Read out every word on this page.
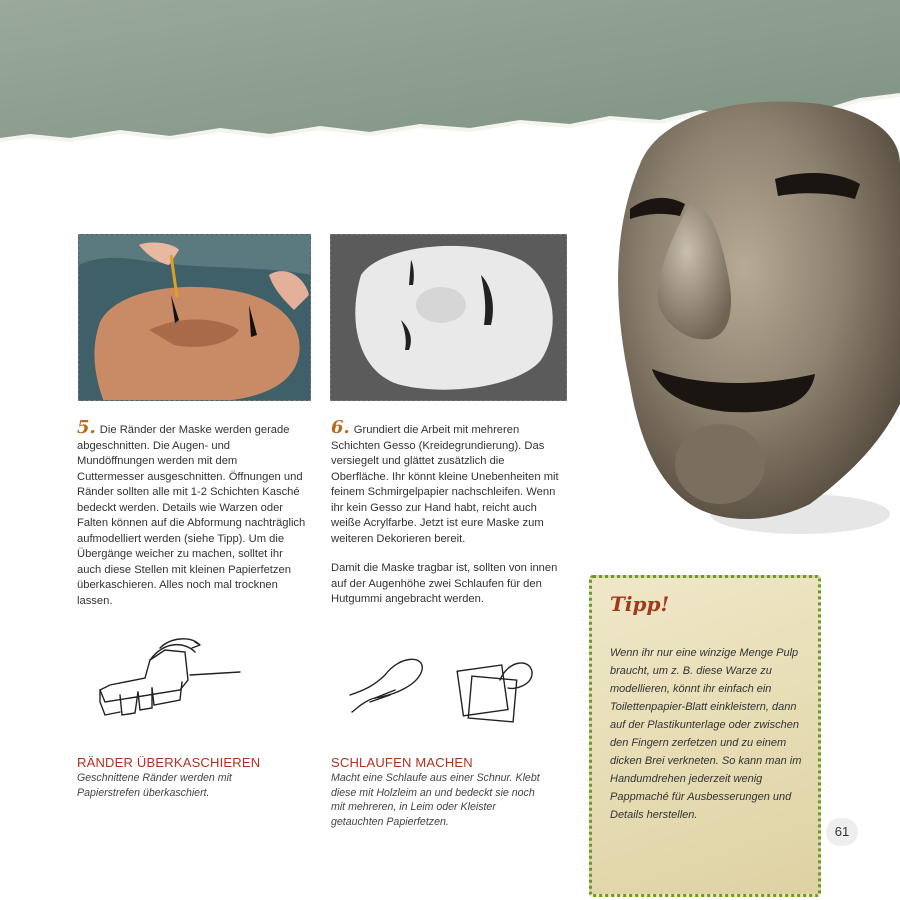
5. Die Ränder der Maske werden gerade abgeschnitten. Die Augen- und Mundöffnungen werden mit dem Cuttermesser ausgeschnitten. Öffnungen und Ränder sollten alle mit 1-2 Schichten Kasché bedeckt werden. Details wie Warzen oder Falten können auf die Abformung nachträglich aufmodelliert werden (siehe Tipp). Um die Übergänge weicher zu machen, solltet ihr auch diese Stellen mit kleinen Papierfetzen überkaschieren. Alles noch mal trocknen lassen.

6. Grundiert die Arbeit mit mehreren Schichten Gesso (Kreidegrundierung). Das versiegelt und glättet zusätzlich die Oberfläche. Ihr könnt kleine Unebenheiten mit feinem Schmirgelpapier nachschleifen. Wenn ihr kein Gesso zur Hand habt, reicht auch weiße Acrylfarbe. Jetzt ist eure Maske zum weiteren Dekorieren bereit.

Damit die Maske tragbar ist, sollten von innen auf der Augenhöhe zwei Schlaufen für den Hutgummi angebracht werden.

RÄNDER ÜBERKASCHIEREN
Geschnittene Ränder werden mit Papierstrefen überkaschiert.
SCHLAUFEN MACHEN
Macht eine Schlaufe aus einer Schnur. Klebt diese mit Holzleim an und bedeckt sie noch mit mehreren, in Leim oder Kleister getauchten Papierfetzen.
Tipp!
Wenn ihr nur eine winzige Menge Pulp braucht, um z. B. diese Warze zu modellieren, könnt ihr einfach ein Toilettenpapier-Blatt einkleistern, dann auf der Plastikunterlage oder zwischen den Fingern zerfetzen und zu einem dicken Brei verkneten. So kann man im Handumdrehen jederzeit wenig Pappmaché für Ausbesserungen und Details herstellen.
61
